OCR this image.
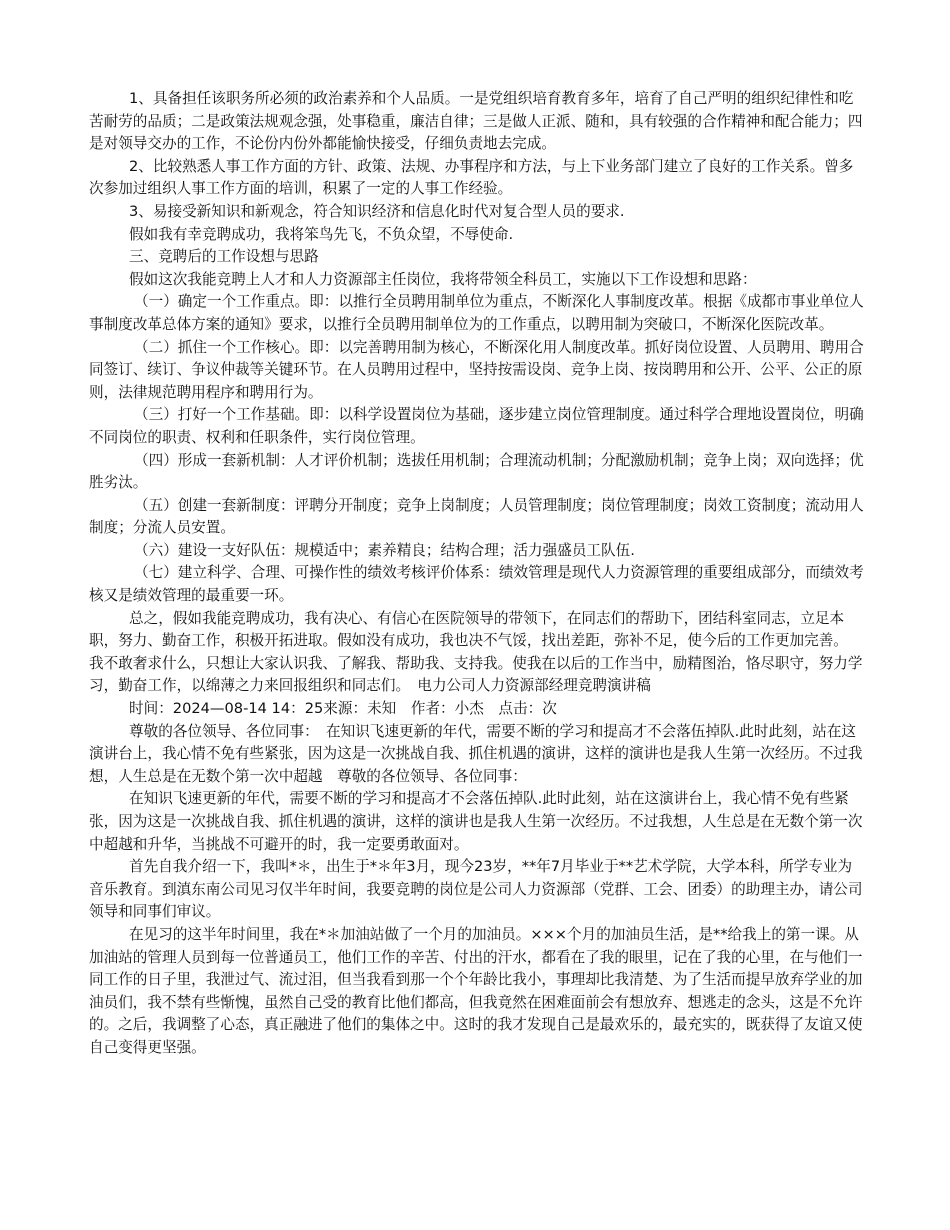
1、具备担任该职务所必须的政治素养和个人品质。一是党组织培育教育多年，培育了自己严明的组织纪律性和吃苦耐劳的品质；二是政策法规观念强，处事稳重，廉洁自律；三是做人正派、随和，具有较强的合作精神和配合能力；四是对领导交办的工作，不论份内份外都能愉快接受，仔细负责地去完成。

2、比较熟悉人事工作方面的方针、政策、法规、办事程序和方法，与上下业务部门建立了良好的工作关系。曾多次参加过组织人事工作方面的培训，积累了一定的人事工作经验。

3、易接受新知识和新观念，符合知识经济和信息化时代对复合型人员的要求.

假如我有幸竞聘成功，我将笨鸟先飞，不负众望，不辱使命.

三、竞聘后的工作设想与思路

假如这次我能竞聘上人才和人力资源部主任岗位，我将带领全科员工，实施以下工作设想和思路：

（一）确定一个工作重点。即：以推行全员聘用制单位为重点，不断深化人事制度改革。根据《成都市事业单位人事制度改革总体方案的通知》要求，以推行全员聘用制单位为的工作重点，以聘用制为突破口，不断深化医院改革。

（二）抓住一个工作核心。即：以完善聘用制为核心，不断深化用人制度改革。抓好岗位设置、人员聘用、聘用合同签订、续订、争议仲裁等关键环节。在人员聘用过程中，坚持按需设岗、竞争上岗、按岗聘用和公开、公平、公正的原则，法律规范聘用程序和聘用行为。

（三）打好一个工作基础。即：以科学设置岗位为基础，逐步建立岗位管理制度。通过科学合理地设置岗位，明确不同岗位的职责、权利和任职条件，实行岗位管理。

（四）形成一套新机制：人才评价机制；选拔任用机制；合理流动机制；分配激励机制；竞争上岗；双向选择；优胜劣汰。

（五）创建一套新制度：评聘分开制度；竞争上岗制度；人员管理制度；岗位管理制度；岗效工资制度；流动用人制度；分流人员安置。

（六）建设一支好队伍：规模适中；素养精良；结构合理；活力强盛员工队伍.

（七）建立科学、合理、可操作性的绩效考核评价体系：绩效管理是现代人力资源管理的重要组成部分，而绩效考核又是绩效管理的最重要一环。

总之，假如我能竞聘成功，我有决心、有信心在医院领导的带领下，在同志们的帮助下，团结科室同志，立足本职，努力、勤奋工作，积极开拓进取。假如没有成功，我也决不气馁，找出差距，弥补不足，使今后的工作更加完善。　　　　我不敢奢求什么，只想让大家认识我、了解我、帮助我、支持我。使我在以后的工作当中，励精图治，恪尽职守，努力学习，勤奋工作，以绵薄之力来回报组织和同志们。　电力公司人力资源部经理竞聘演讲稿

时间：2024—08-14 14：25来源：未知　作者：小杰　点击：次

尊敬的各位领导、各位同事：　在知识飞速更新的年代，需要不断的学习和提高才不会落伍掉队.此时此刻，站在这演讲台上，我心情不免有些紧张，因为这是一次挑战自我、抓住机遇的演讲，这样的演讲也是我人生第一次经历。不过我想，人生总是在无数个第一次中超越　尊敬的各位领导、各位同事：

在知识飞速更新的年代，需要不断的学习和提高才不会落伍掉队.此时此刻，站在这演讲台上，我心情不免有些紧张，因为这是一次挑战自我、抓住机遇的演讲，这样的演讲也是我人生第一次经历。不过我想，人生总是在无数个第一次中超越和升华，当挑战不可避开的时，我一定要勇敢面对。

首先自我介绍一下，我叫*＊，出生于*＊年3月，现今23岁，**年7月毕业于**艺术学院，大学本科，所学专业为音乐教育。到滇东南公司见习仅半年时间，我要竞聘的岗位是公司人力资源部（党群、工会、团委）的助理主办，请公司领导和同事们审议。

在见习的这半年时间里，我在*＊加油站做了一个月的加油员。×××个月的加油员生活，是**给我上的第一课。从加油站的管理人员到每一位普通员工，他们工作的辛苦、付出的汗水，都看在了我的眼里，记在了我的心里，在与他们一同工作的日子里，我泄过气、流过泪，但当我看到那一个个年龄比我小，事理却比我清楚、为了生活而提早放弃学业的加油员们，我不禁有些惭愧，虽然自己受的教育比他们都高，但我竟然在困难面前会有想放弃、想逃走的念头，这是不允许的。之后，我调整了心态，真正融进了他们的集体之中。这时的我才发现自己是最欢乐的，最充实的，既获得了友谊又使自己变得更坚强。
